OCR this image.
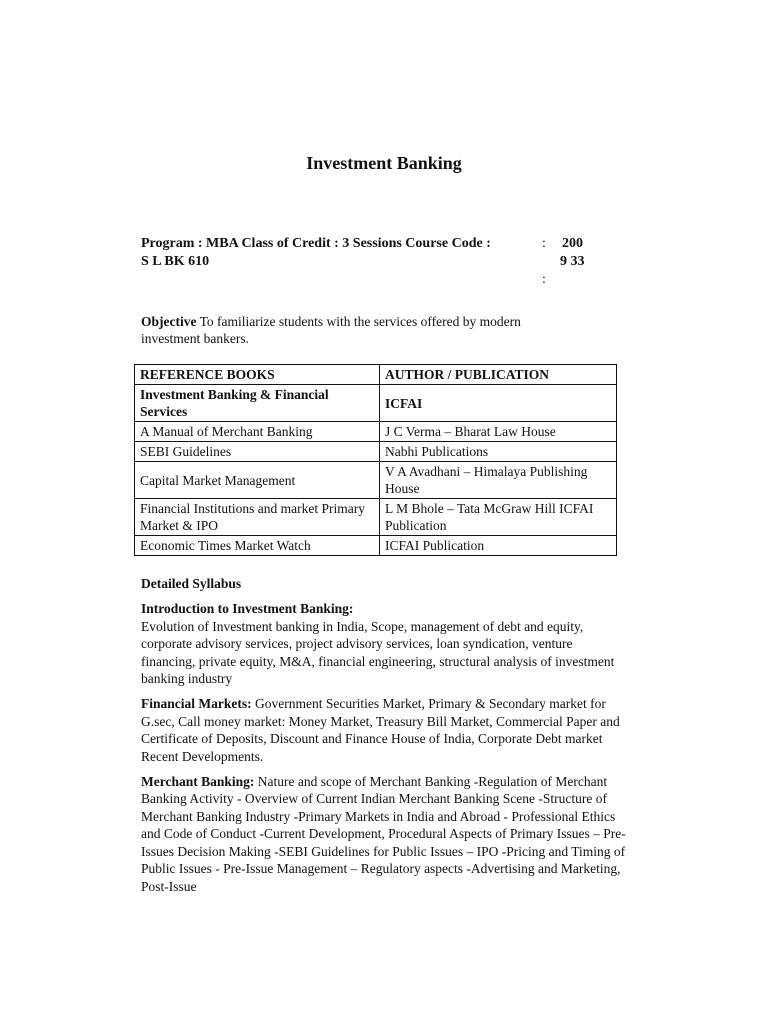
Investment Banking
Program : MBA Class of Credit : 3 Sessions Course Code :
S L BK 610
:
:
200
9 33
Objective To familiarize students with the services offered by modern investment bankers.
REFERENCE BOOKS	AUTHOR / PUBLICATION
Investment Banking & Financial Services	ICFAI
A Manual of Merchant Banking	J C Verma – Bharat Law House
SEBI Guidelines	Nabhi Publications
Capital Market Management	V A Avadhani – Himalaya Publishing House
Financial Institutions and market Primary Market & IPO	L M Bhole – Tata McGraw Hill ICFAI Publication
Economic Times Market Watch	ICFAI Publication
Detailed Syllabus

Introduction to Investment Banking:
Evolution of Investment banking in India, Scope, management of debt and equity, corporate advisory services, project advisory services, loan syndication, venture financing, private equity, M&A, financial engineering, structural analysis of investment banking industry

Financial Markets: Government Securities Market, Primary & Secondary market for G.sec, Call money market: Money Market, Treasury Bill Market, Commercial Paper and Certificate of Deposits, Discount and Finance House of India, Corporate Debt market Recent Developments.

Merchant Banking: Nature and scope of Merchant Banking -Regulation of Merchant Banking Activity - Overview of Current Indian Merchant Banking Scene -Structure of Merchant Banking Industry -Primary Markets in India and Abroad - Professional Ethics and Code of Conduct -Current Development, Procedural Aspects of Primary Issues – Pre-Issues Decision Making -SEBI Guidelines for Public Issues – IPO -Pricing and Timing of Public Issues - Pre-Issue Management – Regulatory aspects -Advertising and Marketing, Post-Issue
